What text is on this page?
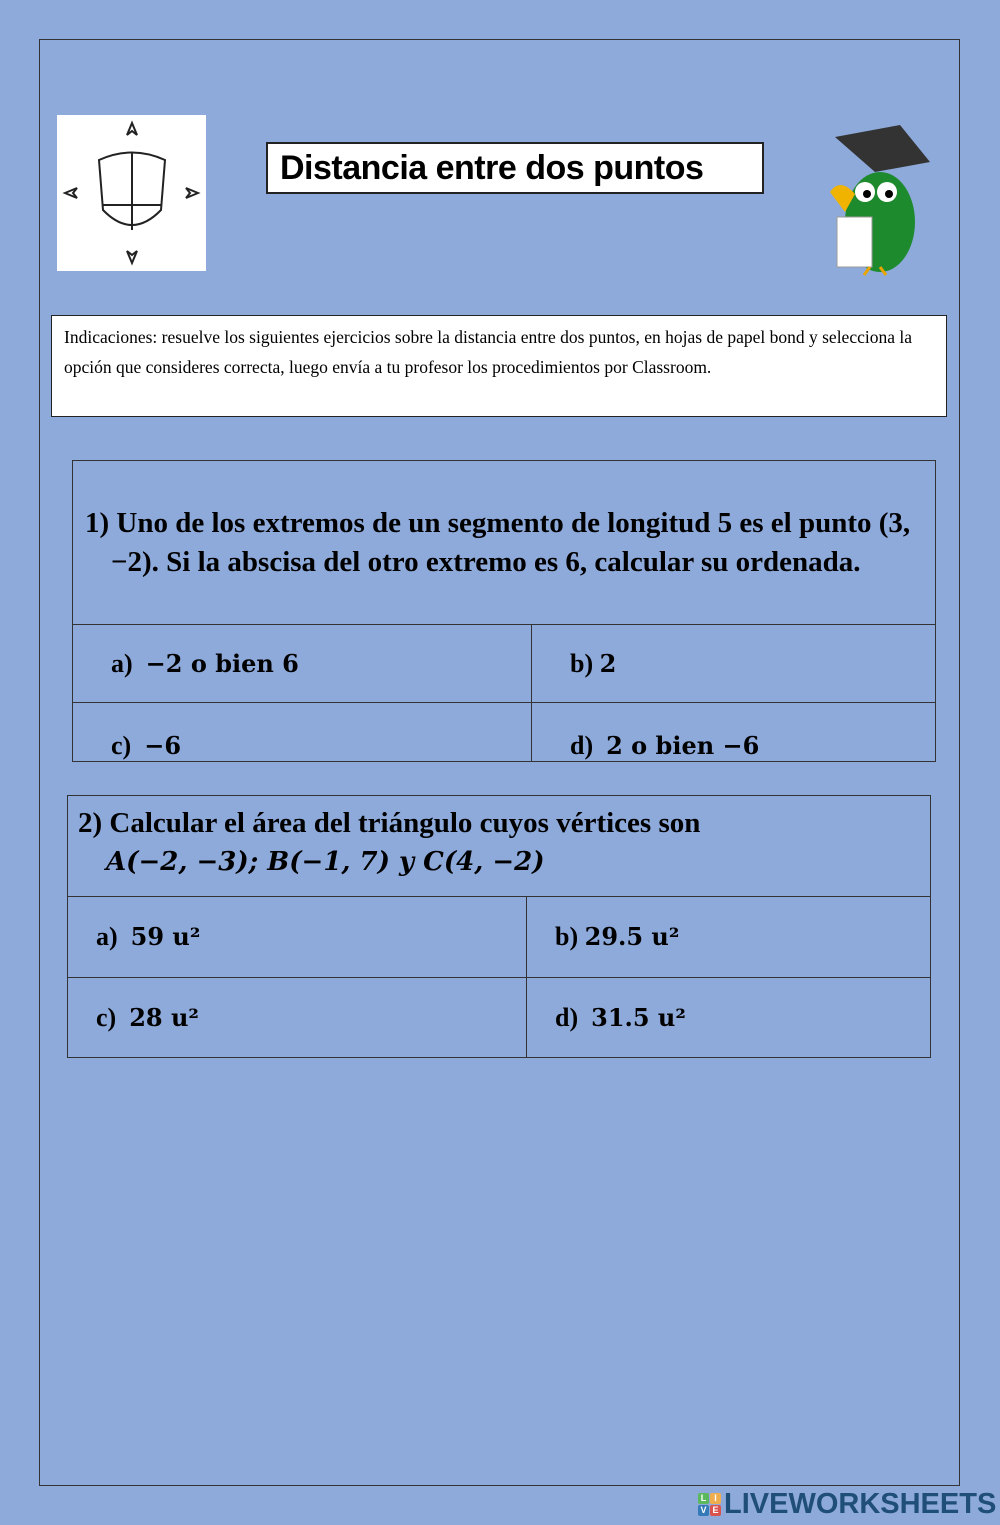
Distancia entre dos puntos
Indicaciones: resuelve los siguientes ejercicios sobre la distancia entre dos puntos, en hojas de papel bond y selecciona la opción que consideres correcta, luego envía a tu profesor los procedimientos por Classroom.
1) Uno de los extremos de un segmento de longitud 5 es el punto (3, −2). Si la abscisa del otro extremo es 6, calcular su ordenada.	
a) −2 o bien 6	b) 2
c) −6	d) 2 o bien −6
2) Calcular el área del triángulo cuyos vértices son
A(−2, −3); B(−1, 7) y C(4, −2)	

a) 59 u²	b) 29.5 u²
c) 28 u²	d) 31.5 u²
L I
V E LIVEWORKSHEETS
